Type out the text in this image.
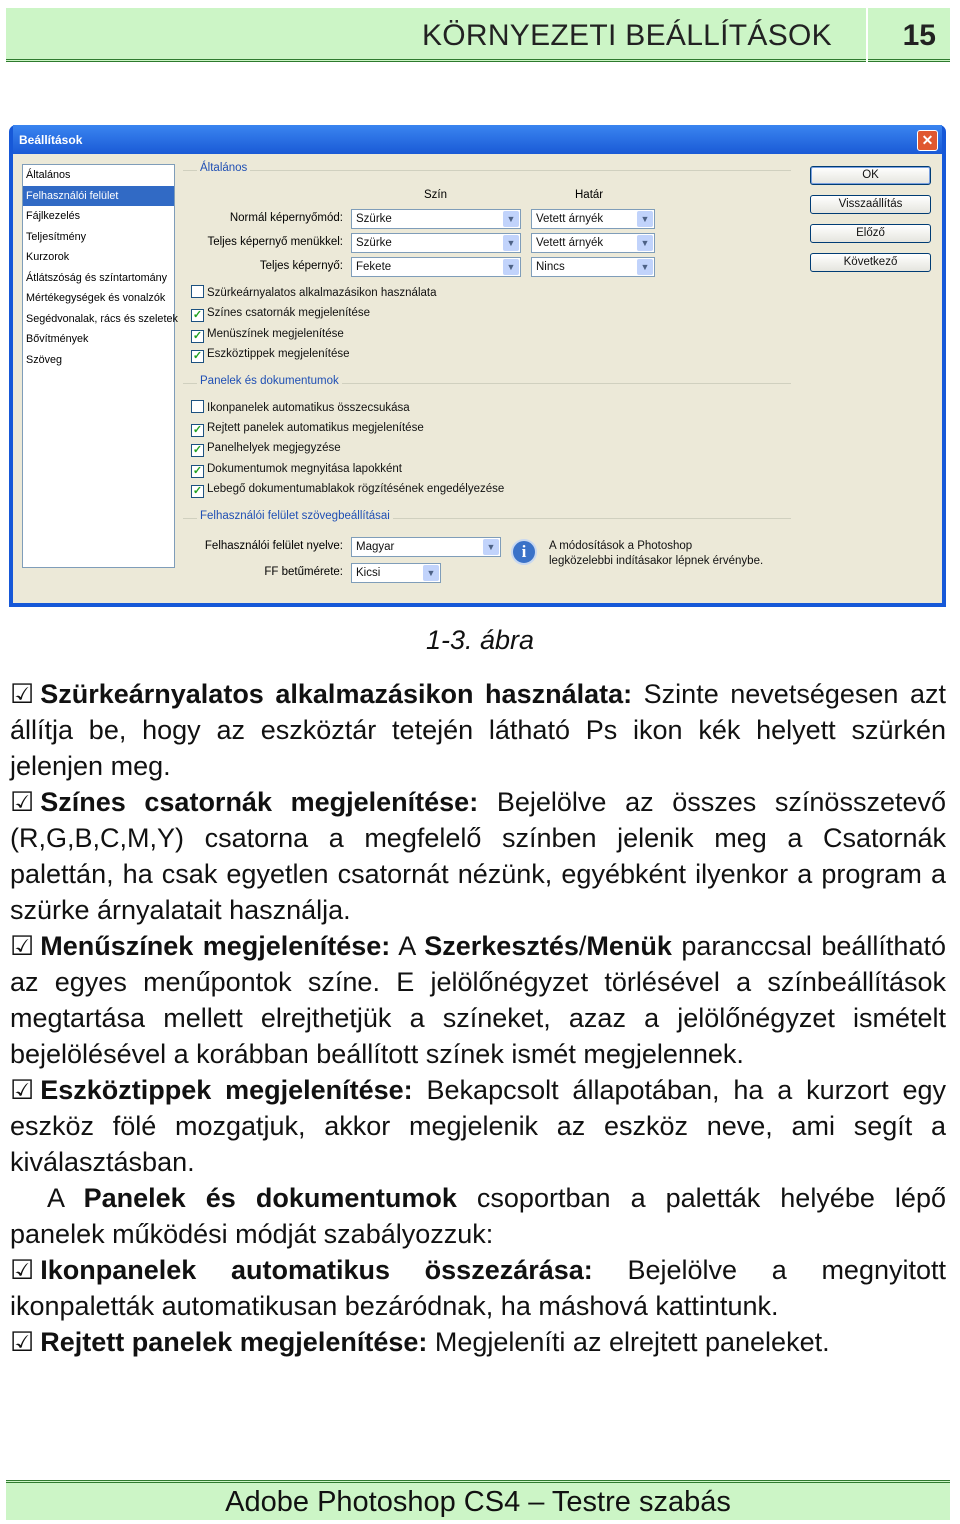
KÖRNYEZETI BEÁLLÍTÁSOK 15
Beállítások	✕
Általános
Felhasználói felület
Fájlkezelés
Teljesítmény
Kurzorok
Átlátszóság és színtartomány
Mértékegységek és vonalzók
Segédvonalak, rács és szeletek
Bővítmények
Szöveg
Általános
Szín	Határ
Normál képernyőmód:	Szürke	▼	Vetett árnyék	▼
Teljes képernyő menükkel:	Szürke	▼	Vetett árnyék	▼
Teljes képernyő:	Fekete	▼	Nincs	▼
Szürkeárnyalatos alkalmazásikon használata
✓ Színes csatornák megjelenítése
✓ Menüszínek megjelenítése
✓ Eszköztippek megjelenítése
Panelek és dokumentumok
Ikonpanelek automatikus összecsukása
✓ Rejtett panelek automatikus megjelenítése
✓ Panelhelyek megjegyzése
✓ Dokumentumok megnyitása lapokként
✓ Lebegő dokumentumablakok rögzítésének engedélyezése
Felhasználói felület szövegbeállításai
Felhasználói felület nyelve:	Magyar	▼
FF betűmérete:	Kicsi	▼
i	A módosítások a Photoshop
legközelebbi indításakor lépnek érvénybe.
OK
Visszaállítás
Előző
Következő
1-3. ábra

☑ Szürkeárnyalatos alkalmazásikon használata: Szinte nevetségesen azt állítja be, hogy az eszköztár tetején látható Ps ikon kék helyett szürkén jelenjen meg.

☑ Színes csatornák megjelenítése: Bejelölve az összes színösszetevő (R,G,B,C,M,Y) csatorna a megfelelő színben jelenik meg a Csatornák palettán, ha csak egyetlen csatornát nézünk, egyébként ilyenkor a program a szürke árnyalatait használja.

☑ Menűszínek megjelenítése: A Szerkesztés/Menük paranccsal beállítható az egyes menűpontok színe. E jelölőnégyzet törlésével a színbeállítások megtartása mellett elrejthetjük a színeket, azaz a jelölőnégyzet ismételt bejelölésével a korábban beállított színek ismét megjelennek.

☑ Eszköztippek megjelenítése: Bekapcsolt állapotában, ha a kurzort egy eszköz fölé mozgatjuk, akkor megjelenik az eszköz neve, ami segít a kiválasztásban.

A Panelek és dokumentumok csoportban a paletták helyébe lépő panelek működési módját szabályozzuk:

☑ Ikonpanelek automatikus összezárása: Bejelölve a megnyitott ikonpaletták automatikusan bezáródnak, ha máshová kattintunk.

☑ Rejtett panelek megjelenítése: Megjeleníti az elrejtett paneleket.

Adobe Photoshop CS4 – Testre szabás
